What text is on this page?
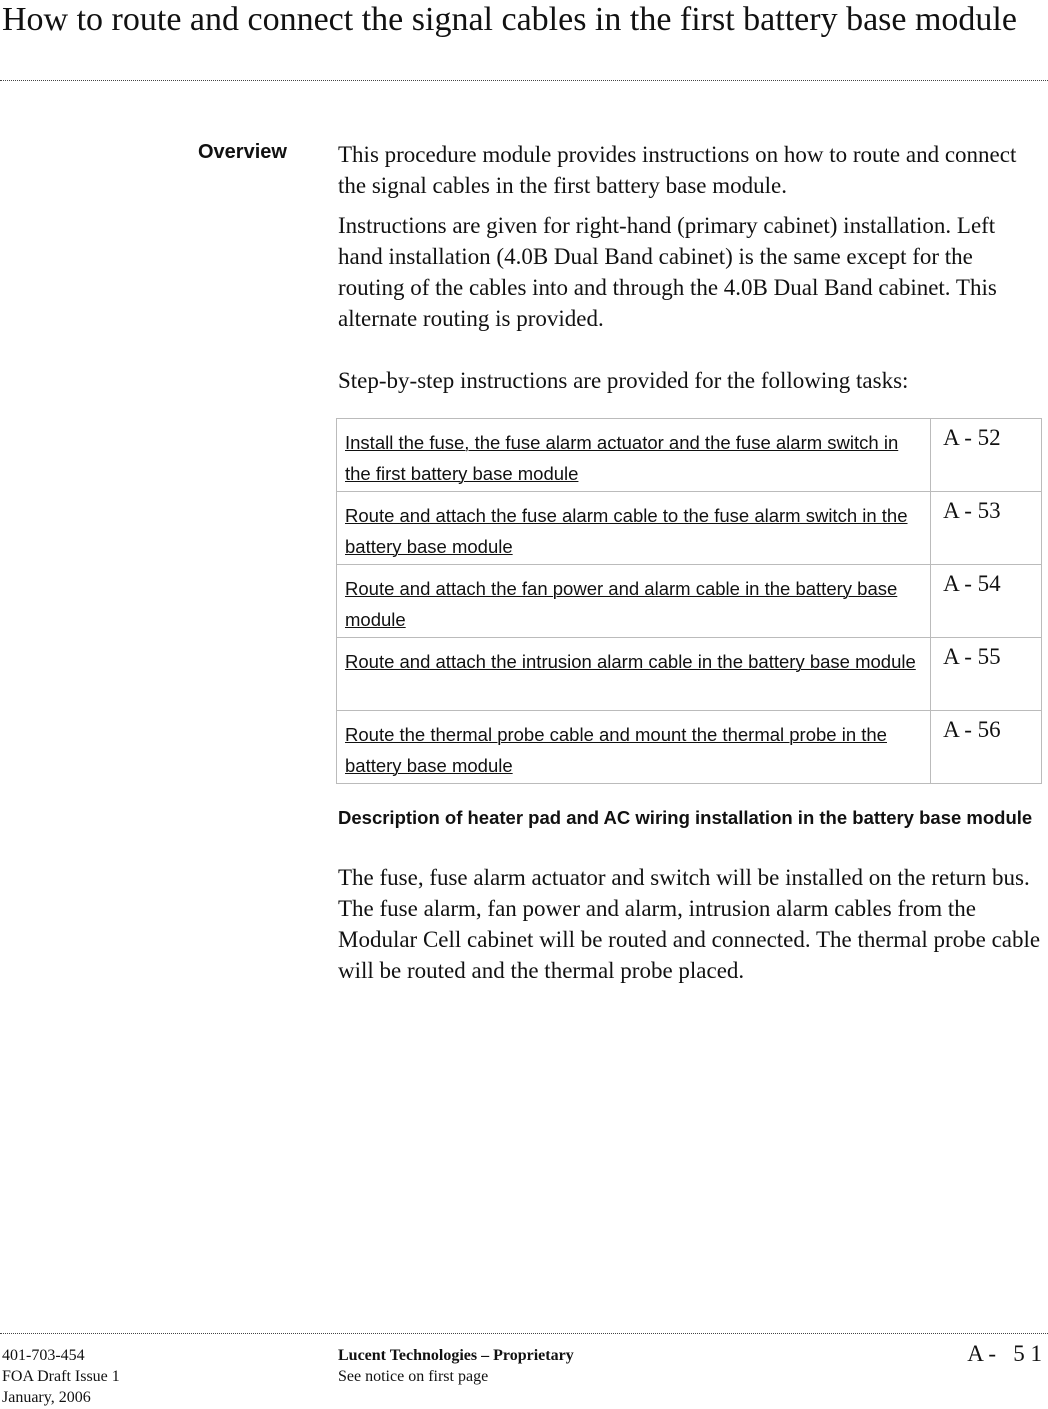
How to route and connect the signal cables in the first battery base module
Overview This procedure module provides instructions on how to route and connect the signal cables in the first battery base module.

Instructions are given for right-hand (primary cabinet) installation. Left hand installation (4.0B Dual Band cabinet) is the same except for the routing of the cables into and through the 4.0B Dual Band cabinet. This alternate routing is provided.

Step-by-step instructions are provided for the following tasks:

Install the fuse, the fuse alarm actuator and the fuse alarm switch in the first battery base module	A - 52

Route and attach the fuse alarm cable to the fuse alarm switch in the battery base module	A - 53

Route and attach the fan power and alarm cable in the battery base module	A - 54

Route and attach the intrusion alarm cable in the battery base module	A - 55

Route the thermal probe cable and mount the thermal probe in the battery base module	A - 56
Description of heater pad and AC wiring installation in the battery base module

The fuse, fuse alarm actuator and switch will be installed on the return bus. The fuse alarm, fan power and alarm, intrusion alarm cables from the Modular Cell cabinet will be routed and connected. The thermal probe cable will be routed and the thermal probe placed.

401-703-454
FOA Draft Issue 1
January, 2006
Lucent Technologies – Proprietary
See notice on first page
A -   5 1
